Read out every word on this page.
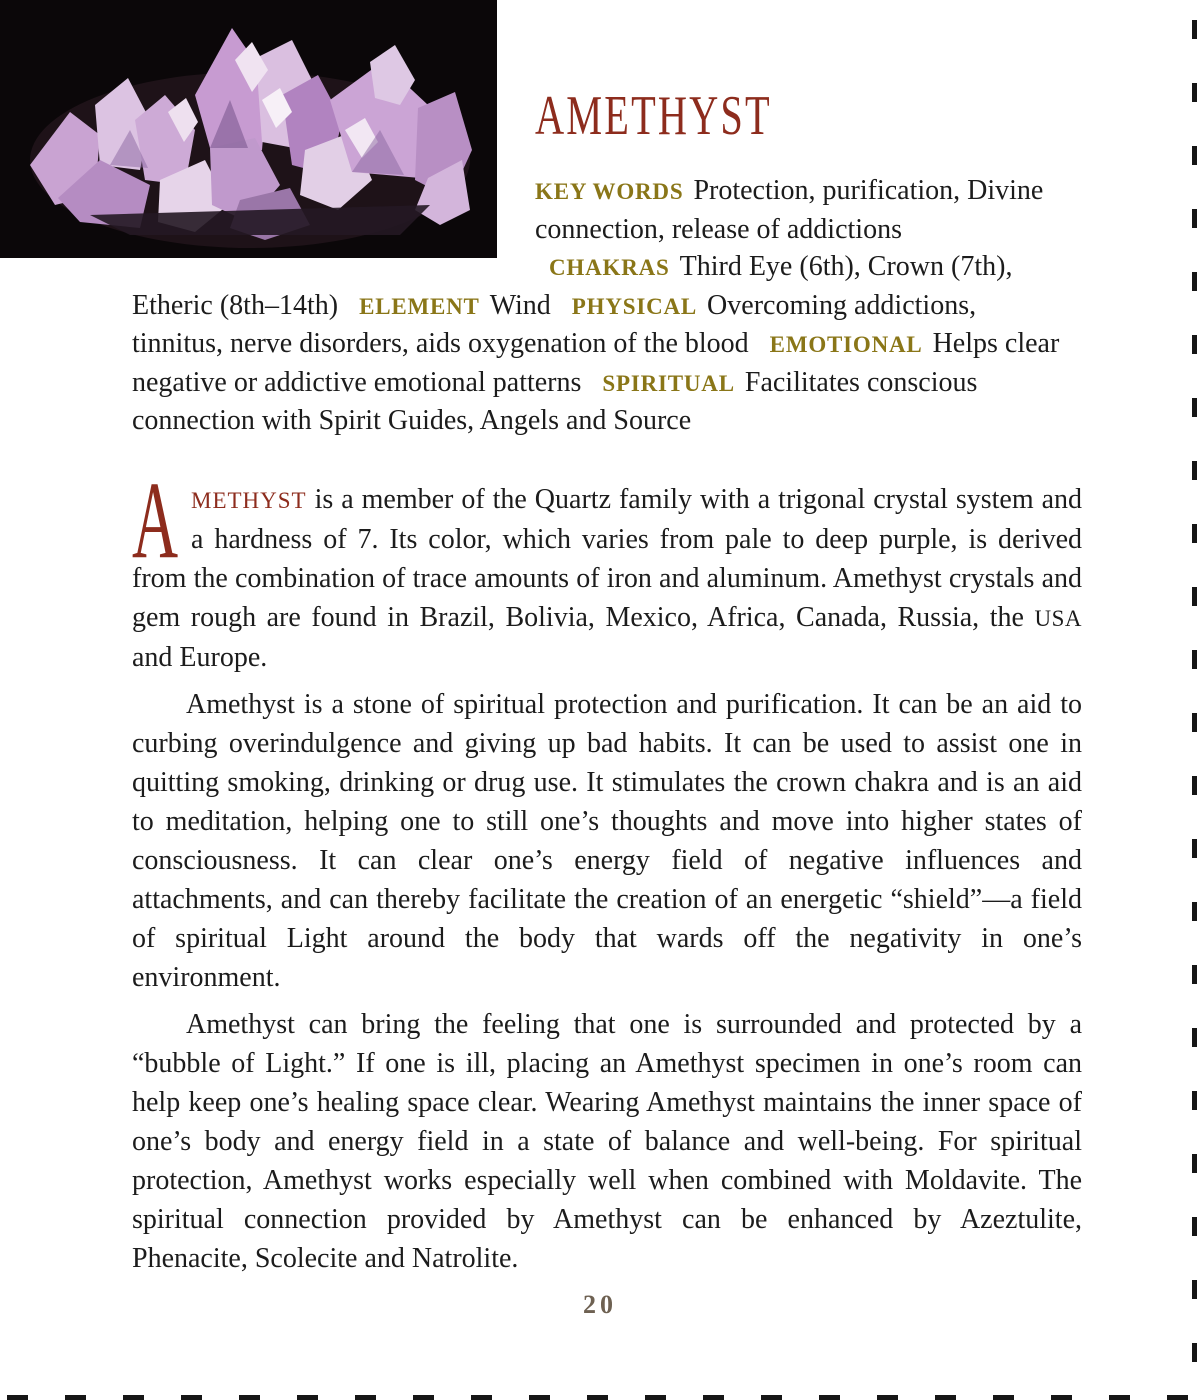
AMETHYST
KEY WORDS Protection, purification, Divine connection, release of addictions CHAKRAS Third Eye (6th), Crown (7th), Etheric (8th–14th) ELEMENT Wind PHYSICAL Overcoming addictions, tinnitus, nerve disorders, aids oxygenation of the blood EMOTIONAL Helps clear negative or addictive emotional patterns SPIRITUAL Facilitates conscious connection with Spirit Guides, Angels and Source

AMETHYST is a member of the Quartz family with a trigonal crystal system and a hardness of 7. Its color, which varies from pale to deep purple, is derived from the combination of trace amounts of iron and aluminum. Amethyst crystals and gem rough are found in Brazil, Bolivia, Mexico, Africa, Canada, Russia, the USA and Europe.

Amethyst is a stone of spiritual protection and purification. It can be an aid to curbing overindulgence and giving up bad habits. It can be used to assist one in quitting smoking, drinking or drug use. It stimulates the crown chakra and is an aid to meditation, helping one to still one’s thoughts and move into higher states of consciousness. It can clear one’s energy field of negative influences and attachments, and can thereby facilitate the creation of an energetic “shield”—a field of spiritual Light around the body that wards off the negativity in one’s environment.

Amethyst can bring the feeling that one is surrounded and protected by a “bubble of Light.” If one is ill, placing an Amethyst specimen in one’s room can help keep one’s healing space clear. Wearing Amethyst maintains the inner space of one’s body and energy field in a state of balance and well-being. For spiritual protection, Amethyst works especially well when combined with Moldavite. The spiritual connection provided by Amethyst can be enhanced by Azeztulite, Phenacite, Scolecite and Natrolite.

20
